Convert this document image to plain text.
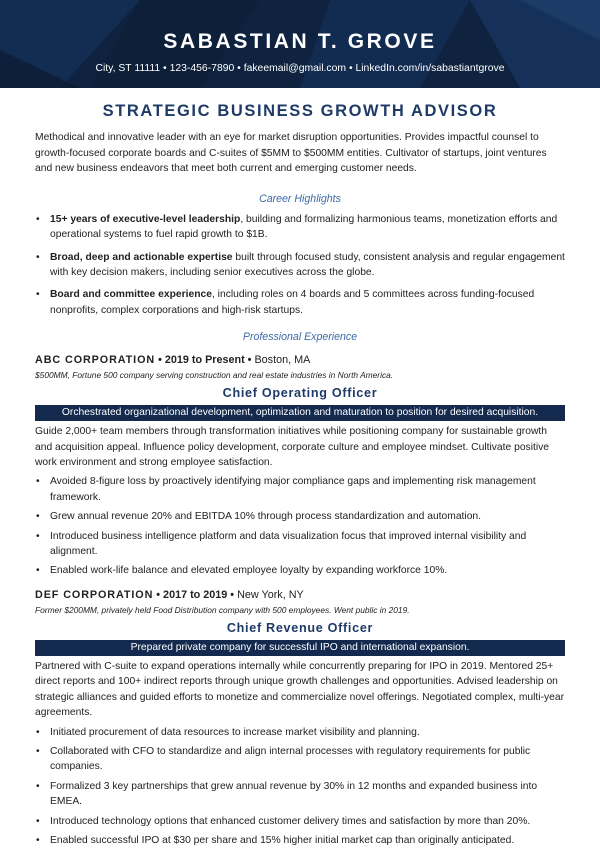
SABASTIAN T. GROVE
City, ST 11111 • 123-456-7890 • fakeemail@gmail.com • LinkedIn.com/in/sabastiantgrove
STRATEGIC BUSINESS GROWTH ADVISOR
Methodical and innovative leader with an eye for market disruption opportunities. Provides impactful counsel to growth-focused corporate boards and C-suites of $5MM to $500MM entities. Cultivator of startups, joint ventures and new business endeavors that meet both current and emerging customer needs.
Career Highlights
• 15+ years of executive-level leadership, building and formalizing harmonious teams, monetization efforts and operational systems to fuel rapid growth to $1B.
• Broad, deep and actionable expertise built through focused study, consistent analysis and regular engagement with key decision makers, including senior executives across the globe.
• Board and committee experience, including roles on 4 boards and 5 committees across funding-focused nonprofits, complex corporations and high-risk startups.
Professional Experience
ABC CORPORATION • 2019 to Present • Boston, MA
$500MM, Fortune 500 company serving construction and real estate industries in North America.
Chief Operating Officer
Orchestrated organizational development, optimization and maturation to position for desired acquisition.
Guide 2,000+ team members through transformation initiatives while positioning company for sustainable growth and acquisition appeal. Influence policy development, corporate culture and employee mindset. Cultivate positive work environment and strong employee satisfaction.
• Avoided 8-figure loss by proactively identifying major compliance gaps and implementing risk management framework.
• Grew annual revenue 20% and EBITDA 10% through process standardization and automation.
• Introduced business intelligence platform and data visualization focus that improved internal visibility and alignment.
• Enabled work-life balance and elevated employee loyalty by expanding workforce 10%.
DEF CORPORATION • 2017 to 2019 • New York, NY
Former $200MM, privately held Food Distribution company with 500 employees. Went public in 2019.
Chief Revenue Officer
Prepared private company for successful IPO and international expansion.
Partnered with C-suite to expand operations internally while concurrently preparing for IPO in 2019. Mentored 25+ direct reports and 100+ indirect reports through unique growth challenges and opportunities. Advised leadership on strategic alliances and guided efforts to monetize and commercialize novel offerings. Negotiated complex, multi-year agreements.
• Initiated procurement of data resources to increase market visibility and planning.
• Collaborated with CFO to standardize and align internal processes with regulatory requirements for public companies.
• Formalized 3 key partnerships that grew annual revenue by 30% in 12 months and expanded business into EMEA.
• Introduced technology options that enhanced customer delivery times and satisfaction by more than 20%.
• Enabled successful IPO at $30 per share and 15% higher initial market cap than originally anticipated.
